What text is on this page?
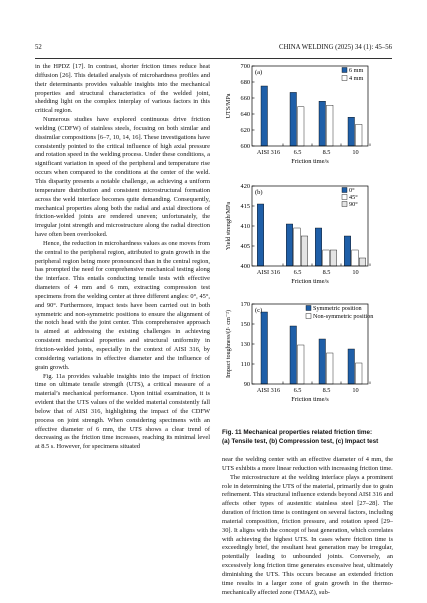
52	CHINA WELDING (2025) 34 (1): 45–56

in the HPDZ [17]. In contrast, shorter friction times reduce heat diffusion [26]. This detailed analysis of microhardness profiles and their determinants provides valuable insights into the mechanical properties and structural characteristics of the welded joint, shedding light on the complex interplay of various factors in this critical region.

Numerous studies have explored continuous drive friction welding (CDFW) of stainless steels, focusing on both similar and dissimilar compositions [6–7, 10, 14, 16]. These investigations have consistently pointed to the critical influence of high axial pressure and rotation speed in the welding process. Under these conditions, a significant variation in speed of the peripheral and temperature rise occurs when compared to the conditions at the center of the weld. This disparity presents a notable challenge, as achieving a uniform temperature distribution and consistent microstructural formation across the weld interface becomes quite demanding. Consequently, mechanical properties along both the radial and axial directions of friction-welded joints are rendered uneven; unfortunately, the irregular joint strength and microstructure along the radial direction have often been overlooked.

Hence, the reduction in microhardness values as one moves from the central to the peripheral region, attributed to grain growth in the peripheral region being more pronounced than in the central region, has prompted the need for comprehensive mechanical testing along the interface. This entails conducting tensile tests with effective diameters of 4 mm and 6 mm, extracting compression test specimens from the welding center at three different angles: 0°, 45°, and 90°. Furthermore, impact tests have been carried out in both symmetric and non-symmetric positions to ensure the alignment of the notch head with the joint center. This comprehensive approach is aimed at addressing the existing challenges in achieving consistent mechanical properties and structural uniformity in friction-welded joints, especially in the context of AISI 316, by considering variations in effective diameter and the influence of grain growth.

Fig. 11a provides valuable insights into the impact of friction time on ultimate tensile strength (UTS), a critical measure of a material’s mechanical performance. Upon initial examination, it is evident that the UTS values of the welded material consistently fall below that of AISI 316, highlighting the impact of the CDFW process on joint strength. When considering specimens with an effective diameter of 6 mm, the UTS shows a clear trend of decreasing as the friction time increases, reaching its minimal level at 8.5 s. However, for specimens situated

600
620
640
660
680
700
AISI 316 6.5	8.5	10
(a)	6 mm
4 mm
Friction time/s
UTS/MPa
400
405
410
415
420
AISI 316 6.5	8.5	10
(b)	0°
45°
90°
Friction time/s
Yield strength/MPa
90
110
130
150
170
AISI 316 6.5	8.5	10
(c)	Symmetric position
Non-symmetric position
Friction time/s
Impact toughness/(J· cm⁻²)
Fig. 11 Mechanical properties related friction time:
(a) Tensile test, (b) Compression test, (c) Impact test

near the welding center with an effective diameter of 4 mm, the UTS exhibits a more linear reduction with increasing friction time.

The microstructure at the welding interface plays a prominent role in determining the UTS of the material, primarily due to grain refinement. This structural influence extends beyond AISI 316 and affects other types of austenitic stainless steel [27–28]. The duration of friction time is contingent on several factors, including material composition, friction pressure, and rotation speed [29–30]. It aligns with the concept of heat generation, which correlates with achieving the highest UTS. In cases where friction time is exceedingly brief, the resultant heat generation may be irregular, potentially leading to unbounded joints. Conversely, an excessively long friction time generates excessive heat, ultimately diminishing the UTS. This occurs because an extended friction time results in a larger zone of grain growth in the thermo-mechanically affected zone (TMAZ), sub-
